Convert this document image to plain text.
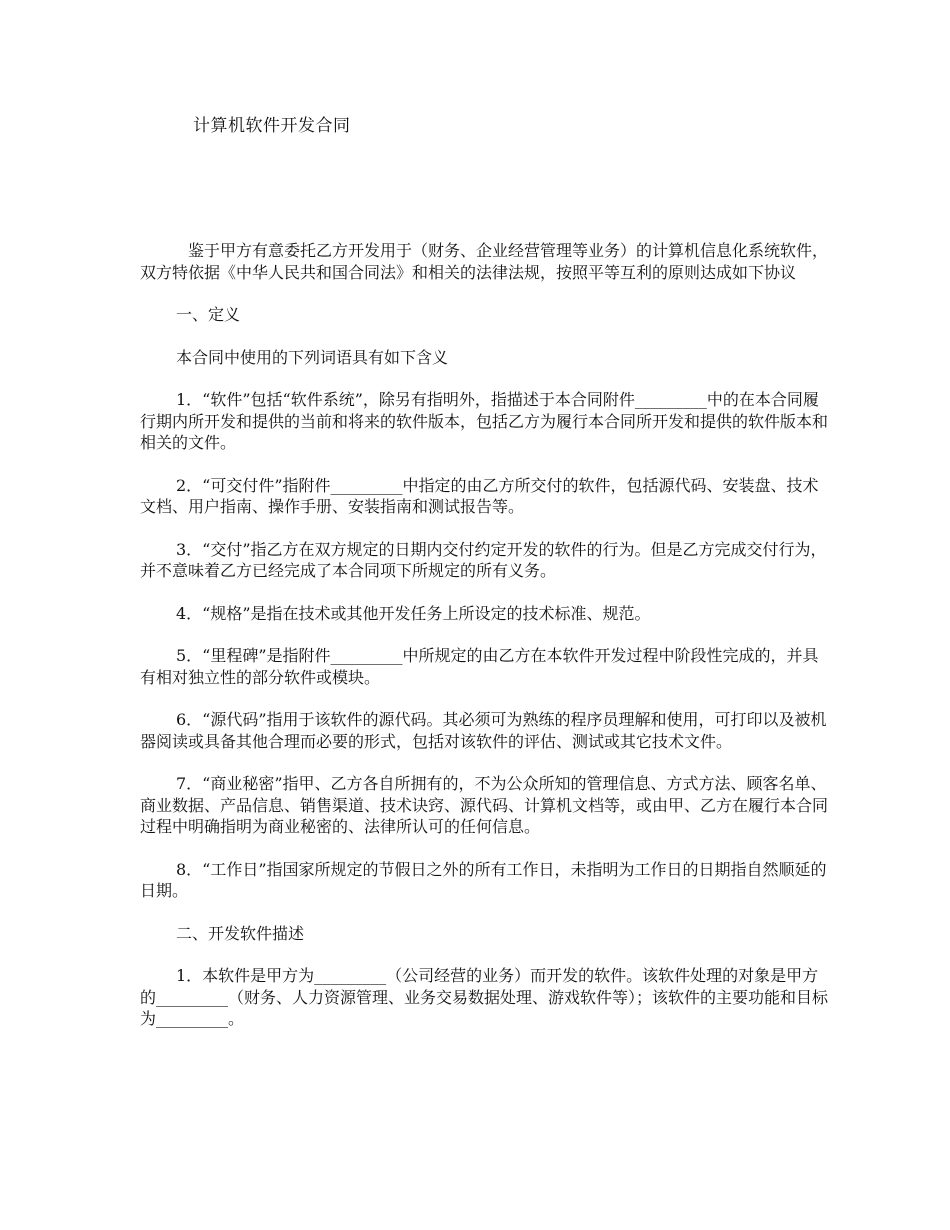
计算机软件开发合同

鉴于甲方有意委托乙方开发用于（财务、企业经营管理等业务）的计算机信息化系统软件，双方特依据《中华人民共和国合同法》和相关的法律法规，按照平等互利的原则达成如下协议

一、定义

本合同中使用的下列词语具有如下含义

1．“软件”包括“软件系统”，除另有指明外，指描述于本合同附件_________中的在本合同履行期内所开发和提供的当前和将来的软件版本，包括乙方为履行本合同所开发和提供的软件版本和相关的文件。

2．“可交付件”指附件_________中指定的由乙方所交付的软件，包括源代码、安装盘、技术文档、用户指南、操作手册、安装指南和测试报告等。

3．“交付”指乙方在双方规定的日期内交付约定开发的软件的行为。但是乙方完成交付行为，并不意味着乙方已经完成了本合同项下所规定的所有义务。

4．“规格”是指在技术或其他开发任务上所设定的技术标准、规范。

5．“里程碑”是指附件_________中所规定的由乙方在本软件开发过程中阶段性完成的，并具有相对独立性的部分软件或模块。

6．“源代码”指用于该软件的源代码。其必须可为熟练的程序员理解和使用，可打印以及被机器阅读或具备其他合理而必要的形式，包括对该软件的评估、测试或其它技术文件。

7．“商业秘密”指甲、乙方各自所拥有的，不为公众所知的管理信息、方式方法、顾客名单、商业数据、产品信息、销售渠道、技术诀窍、源代码、计算机文档等，或由甲、乙方在履行本合同过程中明确指明为商业秘密的、法律所认可的任何信息。

8．“工作日”指国家所规定的节假日之外的所有工作日，未指明为工作日的日期指自然顺延的日期。

二、开发软件描述

1．本软件是甲方为_________（公司经营的业务）而开发的软件。该软件处理的对象是甲方的_________（财务、人力资源管理、业务交易数据处理、游戏软件等）；该软件的主要功能和目标为_________。
